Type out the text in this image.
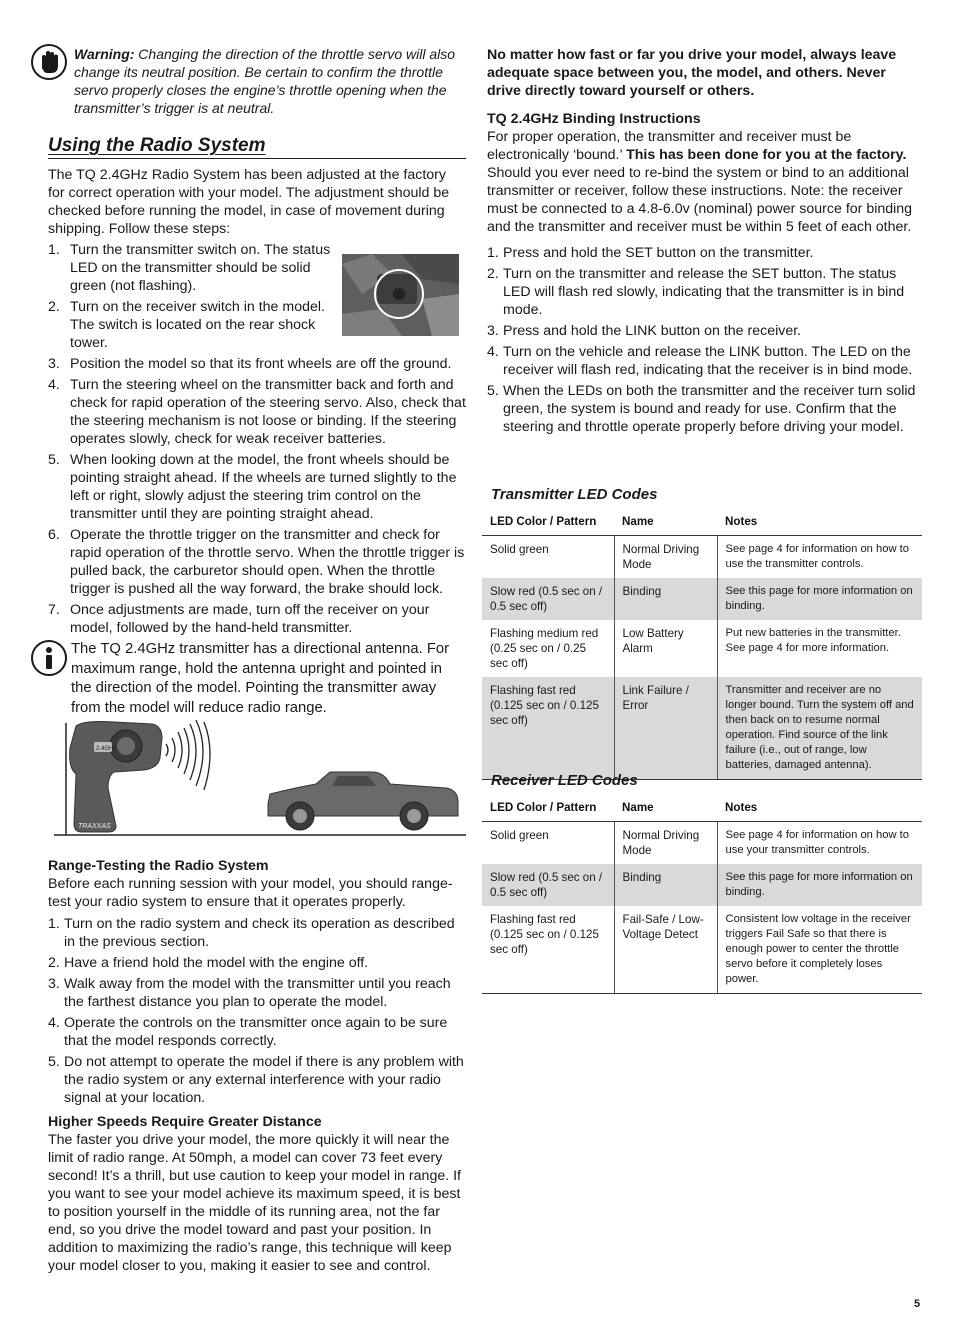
Warning: Changing the direction of the throttle servo will also change its neutral position. Be certain to confirm the throttle servo properly closes the engine’s throttle opening when the transmitter’s trigger is at neutral.

Using the Radio System

The TQ 2.4GHz Radio System has been adjusted at the factory for correct operation with your model. The adjustment should be checked before running the model, in case of movement during shipping. Follow these steps:

1. Turn the transmitter switch on. The status LED on the transmitter should be solid green (not flashing).
2. Turn on the receiver switch in the model. The switch is located on the rear shock tower.
3. Position the model so that its front wheels are off the ground.
4. Turn the steering wheel on the transmitter back and forth and check for rapid operation of the steering servo. Also, check that the steering mechanism is not loose or binding. If the steering operates slowly, check for weak receiver batteries.
5. When looking down at the model, the front wheels should be pointing straight ahead. If the wheels are turned slightly to the left or right, slowly adjust the steering trim control on the transmitter until they are pointing straight ahead.
6. Operate the throttle trigger on the transmitter and check for rapid operation of the throttle servo. When the throttle trigger is pulled back, the carburetor should open. When the throttle trigger is pushed all the way forward, the brake should lock.
7. Once adjustments are made, turn off the receiver on your model, followed by the hand-held transmitter.

The TQ 2.4GHz transmitter has a directional antenna. For maximum range, hold the antenna upright and pointed in the direction of the model. Pointing the transmitter away from the model will reduce radio range.

2.4GHz
TRAXXAS

Range-Testing the Radio System

Before each running session with your model, you should range-test your radio system to ensure that it operates properly.

1. Turn on the radio system and check its operation as described in the previous section.
2. Have a friend hold the model with the engine off.
3. Walk away from the model with the transmitter until you reach the farthest distance you plan to operate the model.
4. Operate the controls on the transmitter once again to be sure that the model responds correctly.
5. Do not attempt to operate the model if there is any problem with the radio system or any external interference with your radio signal at your location.

Higher Speeds Require Greater Distance

The faster you drive your model, the more quickly it will near the limit of radio range. At 50mph, a model can cover 73 feet every second! It’s a thrill, but use caution to keep your model in range. If you want to see your model achieve its maximum speed, it is best to position yourself in the middle of its running area, not the far end, so you drive the model toward and past your position. In addition to maximizing the radio’s range, this technique will keep your model closer to you, making it easier to see and control.

No matter how fast or far you drive your model, always leave adequate space between you, the model, and others. Never drive directly toward yourself or others.

TQ 2.4GHz Binding Instructions

For proper operation, the transmitter and receiver must be electronically ‘bound.’ This has been done for you at the factory. Should you ever need to re-bind the system or bind to an additional transmitter or receiver, follow these instructions. Note: the receiver must be connected to a 4.8-6.0v (nominal) power source for binding and the transmitter and receiver must be within 5 feet of each other.

1. Press and hold the SET button on the transmitter.
2. Turn on the transmitter and release the SET button. The status LED will flash red slowly, indicating that the transmitter is in bind mode.
3. Press and hold the LINK button on the receiver.
4. Turn on the vehicle and release the LINK button. The LED on the receiver will flash red, indicating that the receiver is in bind mode.
5. When the LEDs on both the transmitter and the receiver turn solid green, the system is bound and ready for use. Confirm that the steering and throttle operate properly before driving your model.
Transmitter LED Codes
LED Color / Pattern	Name	Notes
Solid green	Normal Driving Mode	See page 4 for information on how to use the transmitter controls.
Slow red (0.5 sec on / 0.5 sec off)	Binding	See this page for more information on binding.
Flashing medium red (0.25 sec on / 0.25 sec off)	Low Battery Alarm	Put new batteries in the transmitter. See page 4 for more information.
Flashing fast red (0.125 sec on / 0.125 sec off)	Link Failure / Error	Transmitter and receiver are no longer bound. Turn the system off and then back on to resume normal operation. Find source of the link failure (i.e., out of range, low batteries, damaged antenna).
Receiver LED Codes
LED Color / Pattern	Name	Notes
Solid green	Normal Driving Mode	See page 4 for information on how to use your transmitter controls.
Slow red (0.5 sec on / 0.5 sec off)	Binding	See this page for more information on binding.
Flashing fast red (0.125 sec on / 0.125 sec off)	Fail-Safe / Low-Voltage Detect	Consistent low voltage in the receiver triggers Fail Safe so that there is enough power to center the throttle servo before it completely loses power.
5
